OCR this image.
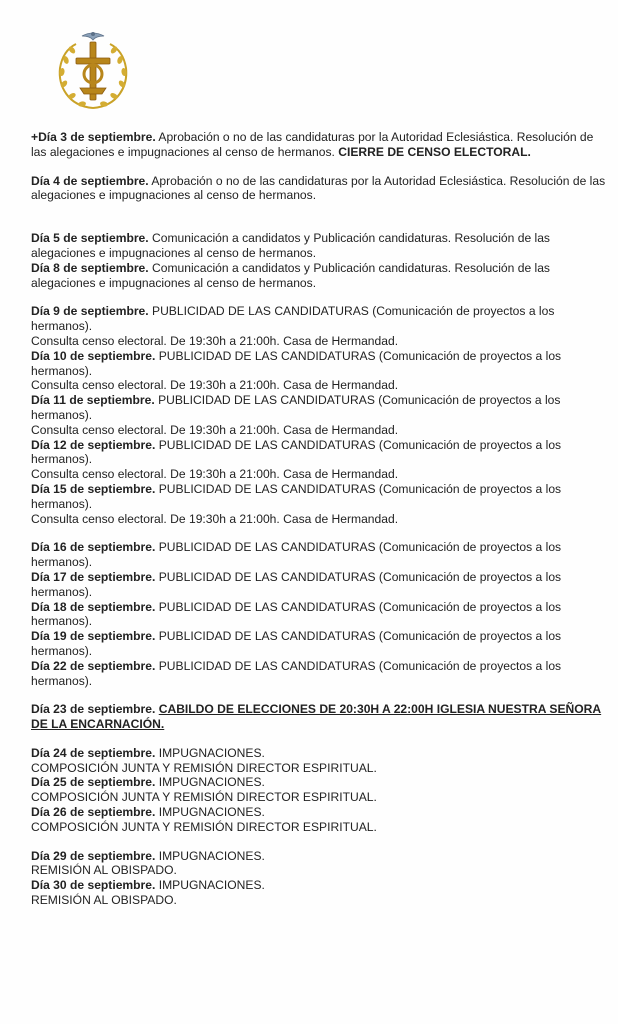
+Día 3 de septiembre. Aprobación o no de las candidaturas por la Autoridad Eclesiástica. Resolución de las alegaciones e impugnaciones al censo de hermanos. CIERRE DE CENSO ELECTORAL.

Día 4 de septiembre. Aprobación o no de las candidaturas por la Autoridad Eclesiástica. Resolución de las alegaciones e impugnaciones al censo de hermanos.

Día 5 de septiembre. Comunicación a candidatos y Publicación candidaturas. Resolución de las alegaciones e impugnaciones al censo de hermanos.

Día 8 de septiembre. Comunicación a candidatos y Publicación candidaturas. Resolución de las alegaciones e impugnaciones al censo de hermanos.

Día 9 de septiembre. PUBLICIDAD DE LAS CANDIDATURAS (Comunicación de proyectos a los hermanos).
Consulta censo electoral. De 19:30h a 21:00h. Casa de Hermandad.

Día 10 de septiembre. PUBLICIDAD DE LAS CANDIDATURAS (Comunicación de proyectos a los hermanos).
Consulta censo electoral. De 19:30h a 21:00h. Casa de Hermandad.

Día 11 de septiembre. PUBLICIDAD DE LAS CANDIDATURAS (Comunicación de proyectos a los hermanos).
Consulta censo electoral. De 19:30h a 21:00h. Casa de Hermandad.

Día 12 de septiembre. PUBLICIDAD DE LAS CANDIDATURAS (Comunicación de proyectos a los hermanos).
Consulta censo electoral. De 19:30h a 21:00h. Casa de Hermandad.

Día 15 de septiembre. PUBLICIDAD DE LAS CANDIDATURAS (Comunicación de proyectos a los hermanos).
Consulta censo electoral. De 19:30h a 21:00h. Casa de Hermandad.

Día 16 de septiembre. PUBLICIDAD DE LAS CANDIDATURAS (Comunicación de proyectos a los hermanos).

Día 17 de septiembre. PUBLICIDAD DE LAS CANDIDATURAS (Comunicación de proyectos a los hermanos).

Día 18 de septiembre. PUBLICIDAD DE LAS CANDIDATURAS (Comunicación de proyectos a los hermanos).

Día 19 de septiembre. PUBLICIDAD DE LAS CANDIDATURAS (Comunicación de proyectos a los hermanos).

Día 22 de septiembre. PUBLICIDAD DE LAS CANDIDATURAS (Comunicación de proyectos a los hermanos).

Día 23 de septiembre. CABILDO DE ELECCIONES DE 20:30H A 22:00H IGLESIA NUESTRA SEÑORA DE LA ENCARNACIÓN.

Día 24 de septiembre. IMPUGNACIONES.
COMPOSICIÓN JUNTA Y REMISIÓN DIRECTOR ESPIRITUAL.

Día 25 de septiembre. IMPUGNACIONES.
COMPOSICIÓN JUNTA Y REMISIÓN DIRECTOR ESPIRITUAL.

Día 26 de septiembre. IMPUGNACIONES.
COMPOSICIÓN JUNTA Y REMISIÓN DIRECTOR ESPIRITUAL.

Día 29 de septiembre. IMPUGNACIONES.
REMISIÓN AL OBISPADO.

Día 30 de septiembre. IMPUGNACIONES.
REMISIÓN AL OBISPADO.
